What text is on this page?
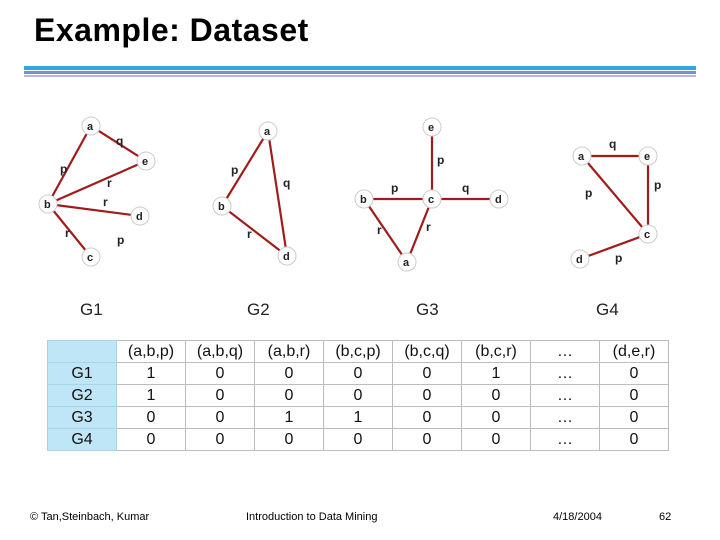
Example: Dataset
a
e
b
d
c
q
p
r
r
r	p
G1
a
b
d
p
q
r
G2
e
b	c	d
a
p
p	q
r	r
G3
a	e
c
d
q
p
p
p
G4
	(a,b,p)	(a,b,q)	(a,b,r)	(b,c,p)	(b,c,q)	(b,c,r)	…	(d,e,r)
G1	1	0	0	0	0	1	…	0
G2	1	0	0	0	0	0	…	0
G3	0	0	1	1	0	0	…	0
G4	0	0	0	0	0	0	…	0
© Tan,Steinbach, Kumar	Introduction to Data Mining	4/18/2004	62
